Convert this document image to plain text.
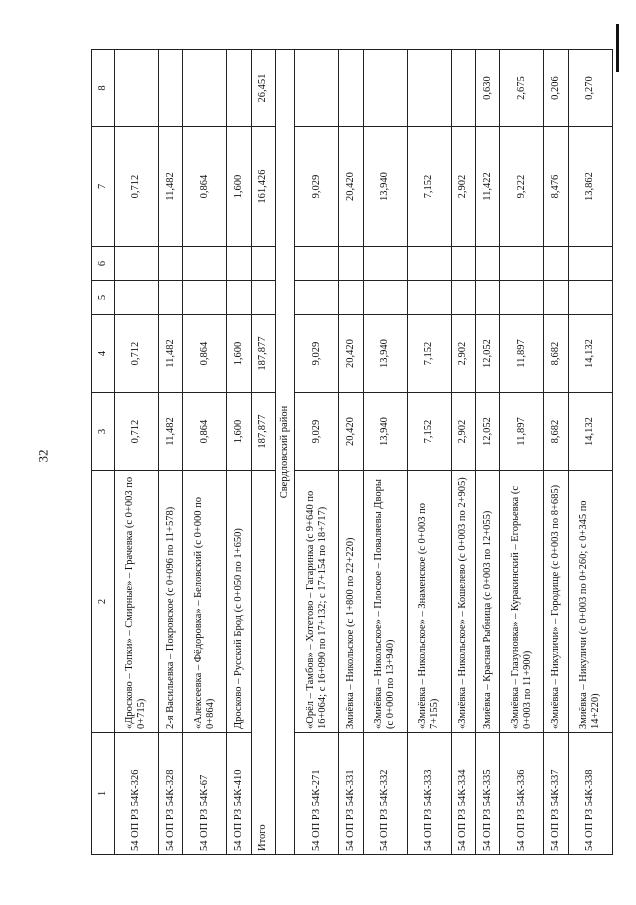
32
1	2	3	4	5	6	7	8
54 ОП РЗ 54К-326	«Дросково – Топки» – Смирные» – Грачевка (с 0+003 по 0+715)	0,712	0,712			0,712	
54 ОП РЗ 54К-328	2-я Васильевка – Покровское (с 0+096 по 11+578)	11,482	11,482			11,482	
54 ОП РЗ 54К-67	«Алексеевка – Фёдоровка» – Беловский (с 0+000 по 0+864)	0,864	0,864			0,864	
54 ОП РЗ 54К-410	Дросково – Русский Брод (с 0+050 по 1+650)	1,600	1,600			1,600	
Итого		187,877	187,877			161,426	26,451
Свердловский район							
54 ОП РЗ 54К-271	«Орёл – Тамбов» – Хотетово – Гагаринка (с 9+640 по 16+064; с 16+090 по 17+132; с 17+154 по 18+717)	9,029	9,029			9,029	
54 ОП РЗ 54К-331	Змиёвка – Никольское (с 1+800 по 22+220)	20,420	20,420			20,420	
54 ОП РЗ 54К-332	«Змиёвка – Никольское» – Плоское – Поваляевы Дворы (с 0+000 по 13+940)	13,940	13,940			13,940	
54 ОП РЗ 54К-333	«Змиёвка – Никольское» – Знаменское (с 0+003 по 7+155)	7,152	7,152			7,152	
54 ОП РЗ 54К-334	«Змиёвка – Никольское» – Кошелево (с 0+003 по 2+905)	2,902	2,902			2,902	
54 ОП РЗ 54К-335	Змиёвка – Красная Рыбница (с 0+003 по 12+055)	12,052	12,052			11,422	0,630
54 ОП РЗ 54К-336	«Змиёвка – Глазуновка» – Куракинский – Егорьевка (с 0+003 по 11+900)	11,897	11,897			9,222	2,675
54 ОП РЗ 54К-337	«Змиёвка – Никуличи» – Городище (с 0+003 по 8+685)	8,682	8,682			8,476	0,206
54 ОП РЗ 54К-338	Змиёвка – Никуличи (с 0+003 по 0+260; с 0+345 по 14+220)	14,132	14,132			13,862	0,270
